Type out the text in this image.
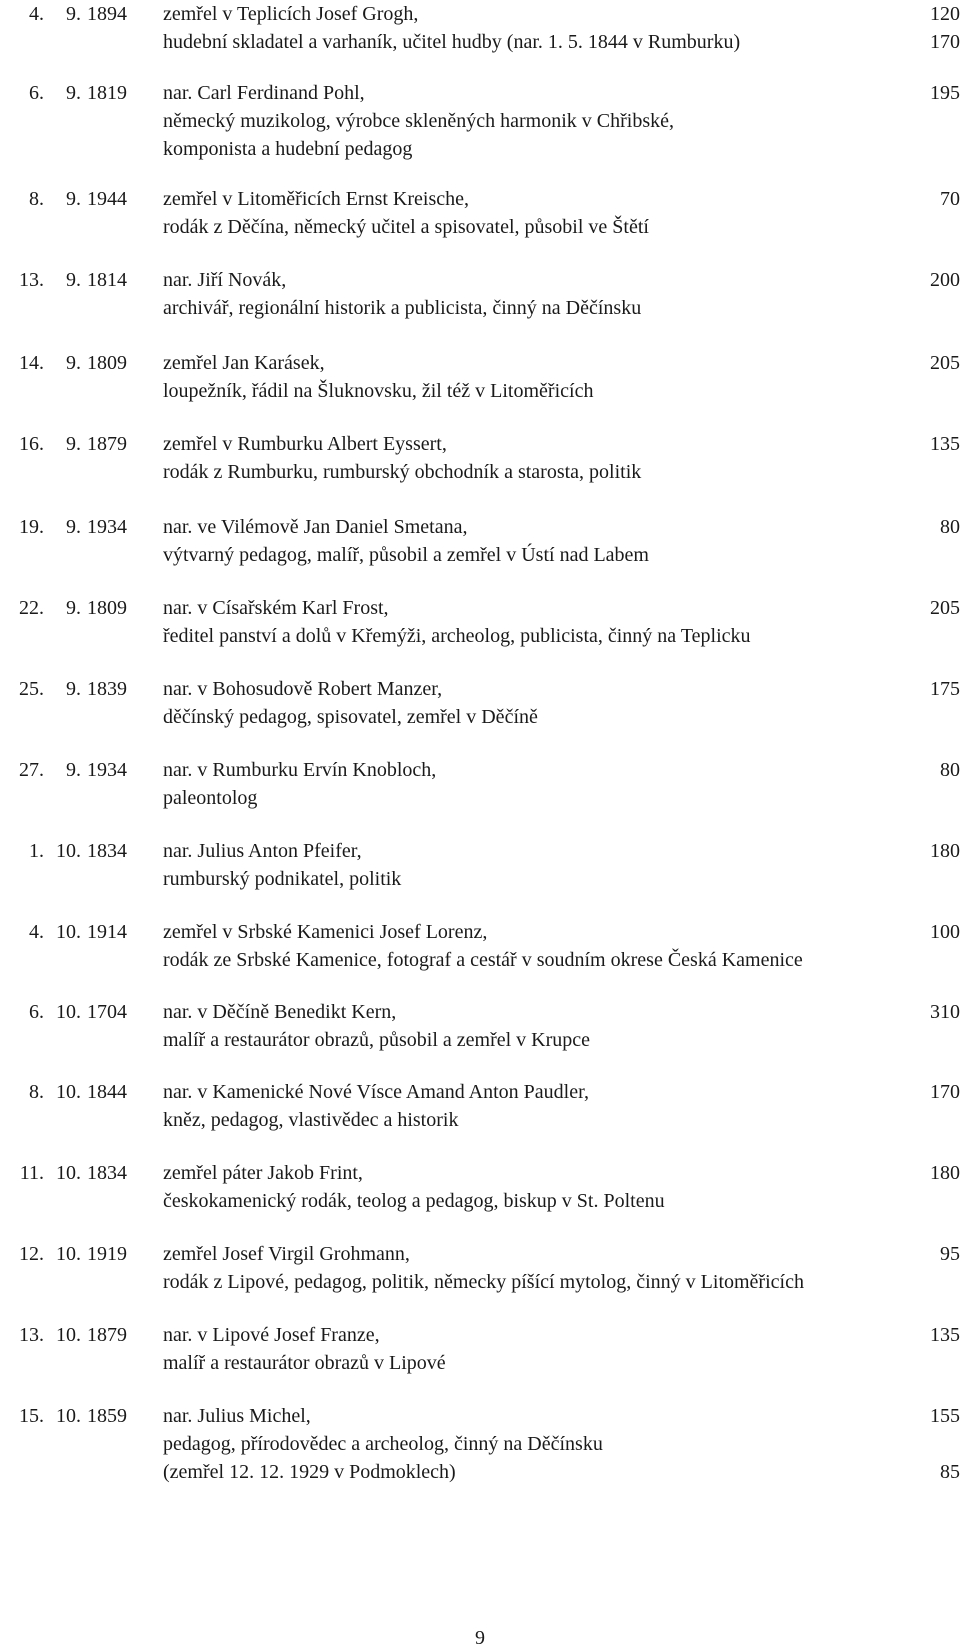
4.	9. 1894 zemřel v Teplicích Josef Grogh,	120
hudební skladatel a varhaník, učitel hudby (nar. 1. 5. 1844 v Rumburku)	170
6.	9. 1819 nar. Carl Ferdinand Pohl,	195
německý muzikolog, výrobce skleněných harmonik v Chřibské,
komponista a hudební pedagog
8.	9. 1944 zemřel v Litoměřicích Ernst Kreische,	70
rodák z Děčína, německý učitel a spisovatel, působil ve Štětí
13.	9. 1814 nar. Jiří Novák,	200
archivář, regionální historik a publicista, činný na Děčínsku
14.	9. 1809 zemřel Jan Karásek,	205
loupežník, řádil na Šluknovsku, žil též v Litoměřicích
16.	9. 1879 zemřel v Rumburku Albert Eyssert,	135
rodák z Rumburku, rumburský obchodník a starosta, politik
19.	9. 1934 nar. ve Vilémově Jan Daniel Smetana,	80
výtvarný pedagog, malíř, působil a zemřel v Ústí nad Labem
22.	9. 1809 nar. v Císařském Karl Frost,	205
ředitel panství a dolů v Křemýži, archeolog, publicista, činný na Teplicku
25.	9. 1839 nar. v Bohosudově Robert Manzer,	175
děčínský pedagog, spisovatel, zemřel v Děčíně
27.	9. 1934 nar. v Rumburku Ervín Knobloch,	80
paleontolog
1. 10. 1834 nar. Julius Anton Pfeifer,	180
rumburský podnikatel, politik
4. 10. 1914 zemřel v Srbské Kamenici Josef Lorenz,	100
rodák ze Srbské Kamenice, fotograf a cestář v soudním okrese Česká Kamenice
6. 10. 1704 nar. v Děčíně Benedikt Kern,	310
malíř a restaurátor obrazů, působil a zemřel v Krupce
8. 10. 1844 nar. v Kamenické Nové Vísce Amand Anton Paudler,	170
kněz, pedagog, vlastivědec a historik
11. 10. 1834 zemřel páter Jakob Frint,	180
českokamenický rodák, teolog a pedagog, biskup v St. Poltenu
12. 10. 1919 zemřel Josef Virgil Grohmann,	95
rodák z Lipové, pedagog, politik, německy píšící mytolog, činný v Litoměřicích
13. 10. 1879 nar. v Lipové Josef Franze,	135
malíř a restaurátor obrazů v Lipové
15. 10. 1859 nar. Julius Michel,	155
pedagog, přírodovědec a archeolog, činný na Děčínsku
(zemřel 12. 12. 1929 v Podmoklech)	85
9
